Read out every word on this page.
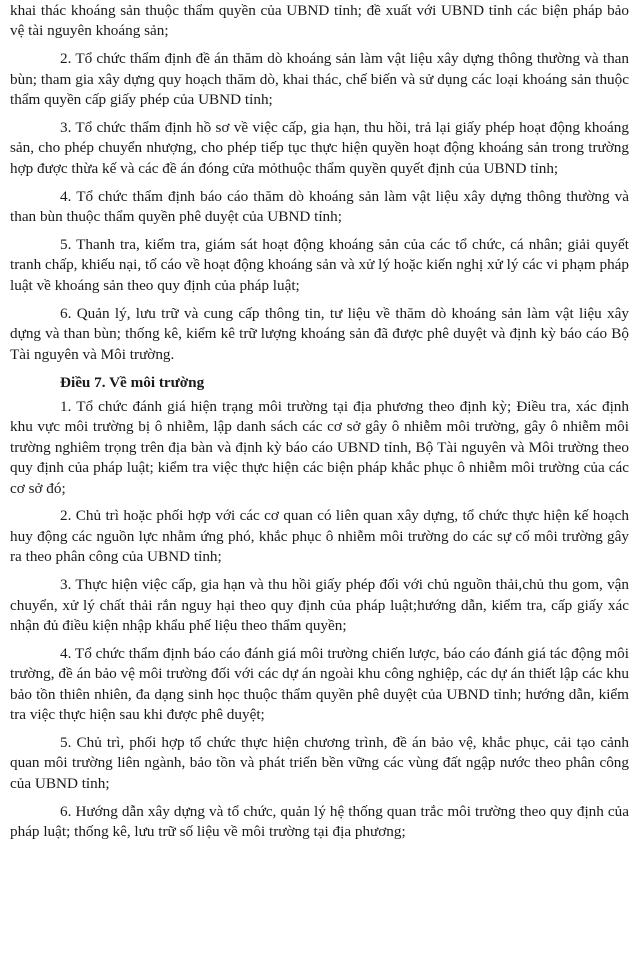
khai thác khoáng sản thuộc thẩm quyền của UBND tỉnh; đề xuất với UBND tỉnh các biện pháp bảo vệ tài nguyên khoáng sản;

2. Tổ chức thẩm định đề án thăm dò khoáng sản làm vật liệu xây dựng thông thường và than bùn; tham gia xây dựng quy hoạch thăm dò, khai thác, chế biến và sử dụng các loại khoáng sản thuộc thẩm quyền cấp giấy phép của UBND tỉnh;

3. Tổ chức thẩm định hồ sơ về việc cấp, gia hạn, thu hồi, trả lại giấy phép hoạt động khoáng sản, cho phép chuyển nhượng, cho phép tiếp tục thực hiện quyền hoạt động khoáng sản trong trường hợp được thừa kế và các đề án đóng cửa mỏthuộc thẩm quyền quyết định của UBND tỉnh;

4. Tổ chức thẩm định báo cáo thăm dò khoáng sản làm vật liệu xây dựng thông thường và than bùn thuộc thẩm quyền phê duyệt của UBND tỉnh;

5. Thanh tra, kiểm tra, giám sát hoạt động khoáng sản của các tổ chức, cá nhân; giải quyết tranh chấp, khiếu nại, tố cáo về hoạt động khoáng sản và xử lý hoặc kiến nghị xử lý các vi phạm pháp luật về khoáng sản theo quy định của pháp luật;

6. Quản lý, lưu trữ và cung cấp thông tin, tư liệu về thăm dò khoáng sản làm vật liệu xây dựng và than bùn; thống kê, kiểm kê trữ lượng khoáng sản đã được phê duyệt và định kỳ báo cáo Bộ Tài nguyên và Môi trường.

Điều 7. Về môi trường

1. Tổ chức đánh giá hiện trạng môi trường tại địa phương theo định kỳ; Điều tra, xác định khu vực môi trường bị ô nhiễm, lập danh sách các cơ sở gây ô nhiễm môi trường, gây ô nhiễm môi trường nghiêm trọng trên địa bàn và định kỳ báo cáo UBND tỉnh, Bộ Tài nguyên và Môi trường theo quy định của pháp luật; kiểm tra việc thực hiện các biện pháp khắc phục ô nhiễm môi trường của các cơ sở đó;

2. Chủ trì hoặc phối hợp với các cơ quan có liên quan xây dựng, tổ chức thực hiện kế hoạch huy động các nguồn lực nhằm ứng phó, khắc phục ô nhiễm môi trường do các sự cố môi trường gây ra theo phân công của UBND tỉnh;

3. Thực hiện việc cấp, gia hạn và thu hồi giấy phép đối với chủ nguồn thải,chủ thu gom, vận chuyển, xử lý chất thải rắn nguy hại theo quy định của pháp luật;hướng dẫn, kiểm tra, cấp giấy xác nhận đủ điều kiện nhập khẩu phế liệu theo thẩm quyền;

4. Tổ chức thẩm định báo cáo đánh giá môi trường chiến lược, báo cáo đánh giá tác động môi trường, đề án bảo vệ môi trường đối với các dự án ngoài khu công nghiệp, các dự án thiết lập các khu bảo tồn thiên nhiên, đa dạng sinh học thuộc thẩm quyền phê duyệt của UBND tỉnh; hướng dẫn, kiểm tra việc thực hiện sau khi được phê duyệt;

5. Chủ trì, phối hợp tổ chức thực hiện chương trình, đề án bảo vệ, khắc phục, cải tạo cảnh quan môi trường liên ngành, bảo tồn và phát triển bền vững các vùng đất ngập nước theo phân công của UBND tỉnh;

6. Hướng dẫn xây dựng và tổ chức, quản lý hệ thống quan trắc môi trường theo quy định của pháp luật; thống kê, lưu trữ số liệu về môi trường tại địa phương;
